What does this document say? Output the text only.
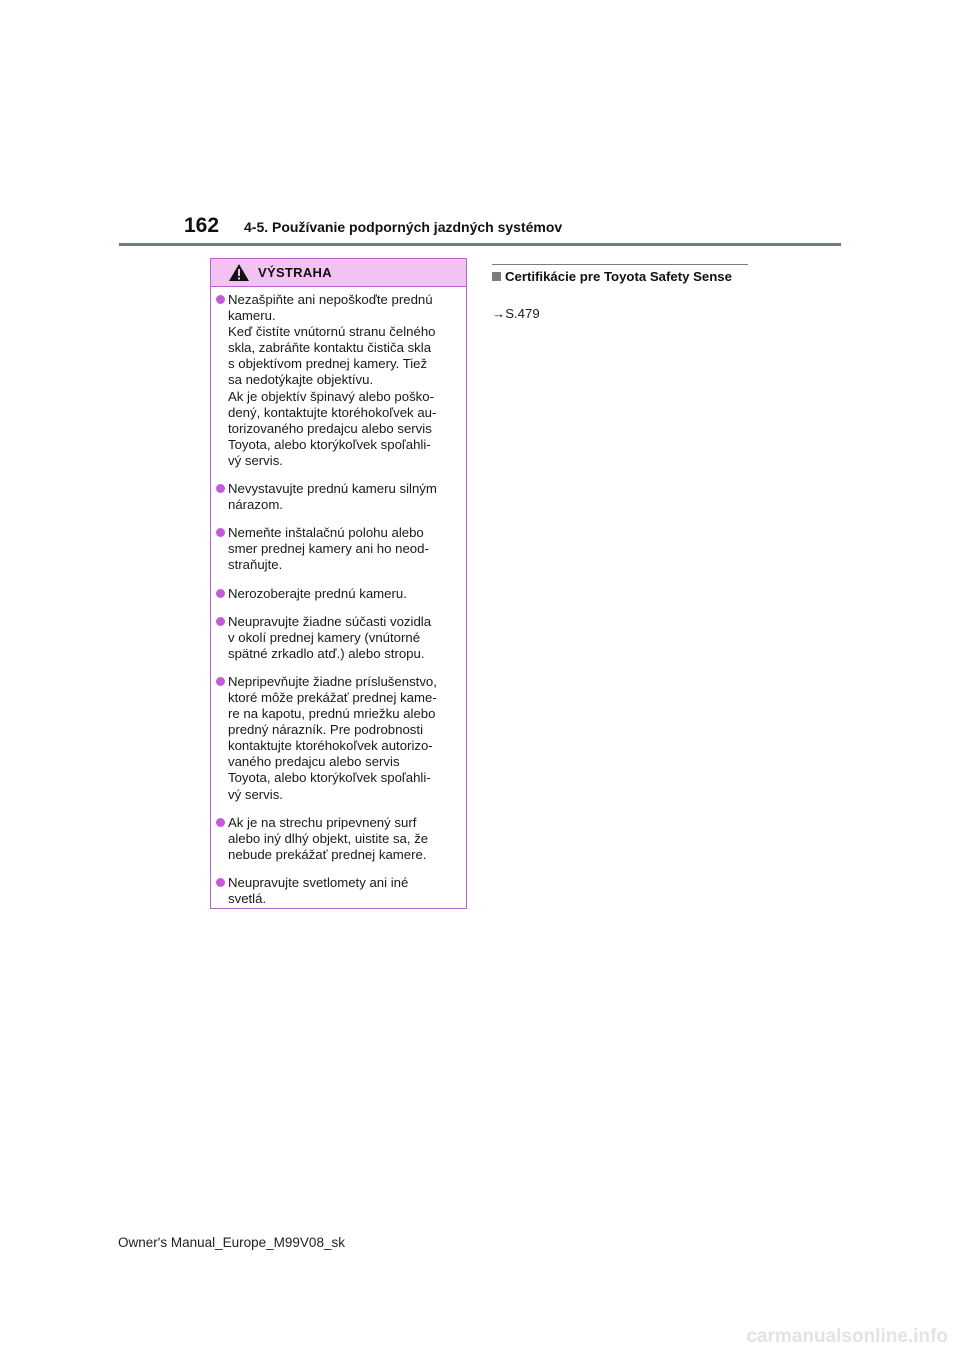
162 4-5. Používanie podporných jazdných systémov
VÝSTRAHA
Nezašpiňte ani nepoškoďte prednú
kameru.
Keď čistíte vnútornú stranu čelného
skla, zabráňte kontaktu čističa skla
s objektívom prednej kamery. Tiež
sa nedotýkajte objektívu.
Ak je objektív špinavý alebo poško-
dený, kontaktujte ktoréhokoľvek au-
torizovaného predajcu alebo servis
Toyota, alebo ktorýkoľvek spoľahli-
vý servis.
Nevystavujte prednú kameru silným
nárazom.
Nemeňte inštalačnú polohu alebo
smer prednej kamery ani ho neod-
straňujte.
Nerozoberajte prednú kameru.
Neupravujte žiadne súčasti vozidla
v okolí prednej kamery (vnútorné
spätné zrkadlo atď.) alebo stropu.
Nepripevňujte žiadne príslušenstvo,
ktoré môže prekážať prednej kame-
re na kapotu, prednú mriežku alebo
predný nárazník. Pre podrobnosti
kontaktujte ktoréhokoľvek autorizo-
vaného predajcu alebo servis
Toyota, alebo ktorýkoľvek spoľahli-
vý servis.
Ak je na strechu pripevnený surf
alebo iný dlhý objekt, uistite sa, že
nebude prekážať prednej kamere.
Neupravujte svetlomety ani iné
svetlá.
Certifikácie pre Toyota Safety Sense
→S.479
Owner's Manual_Europe_M99V08_sk
carmanualsonline.info
